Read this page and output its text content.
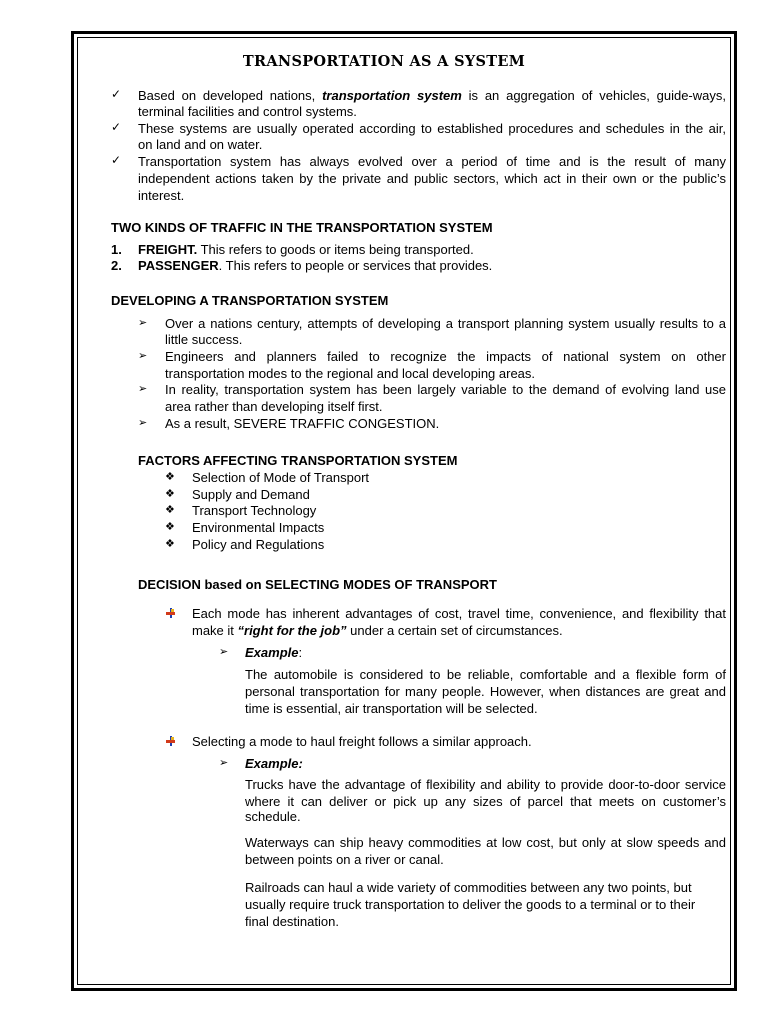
TRANSPORTATION AS A SYSTEM
✓ Based on developed nations, transportation system is an aggregation of vehicles, guide-ways,
terminal facilities and control systems.
✓ These systems are usually operated according to established procedures and schedules in the air,
on land and on water.
✓ Transportation system has always evolved over a period of time and is the result of many
independent actions taken by the private and public sectors, which act in their own or the public’s
interest.
TWO KINDS OF TRAFFIC IN THE TRANSPORTATION SYSTEM
1. FREIGHT. This refers to goods or items being transported.
2. PASSENGER. This refers to people or services that provides.
DEVELOPING A TRANSPORTATION SYSTEM
➢ Over a nations century, attempts of developing a transport planning system usually results to a
little success.
➢ Engineers and planners failed to recognize the impacts of national system on other
transportation modes to the regional and local developing areas.
➢ In reality, transportation system has been largely variable to the demand of evolving land use
area rather than developing itself first.
➢ As a result, SEVERE TRAFFIC CONGESTION.
FACTORS AFFECTING TRANSPORTATION SYSTEM
❖ Selection of Mode of Transport
❖ Supply and Demand
❖ Transport Technology
❖ Environmental Impacts
❖ Policy and Regulations
DECISION based on SELECTING MODES OF TRANSPORT
Each mode has inherent advantages of cost, travel time, convenience, and flexibility that
make it “right for the job” under a certain set of circumstances.
➢ Example:
The automobile is considered to be reliable, comfortable and a flexible form of
personal transportation for many people. However, when distances are great and
time is essential, air transportation will be selected.
Selecting a mode to haul freight follows a similar approach.
➢ Example:
Trucks have the advantage of flexibility and ability to provide door-to-door service
where it can deliver or pick up any sizes of parcel that meets on customer’s
schedule.
Waterways can ship heavy commodities at low cost, but only at slow speeds and
between points on a river or canal.
Railroads can haul a wide variety of commodities between any two points, but
usually require truck transportation to deliver the goods to a terminal or to their
final destination.
